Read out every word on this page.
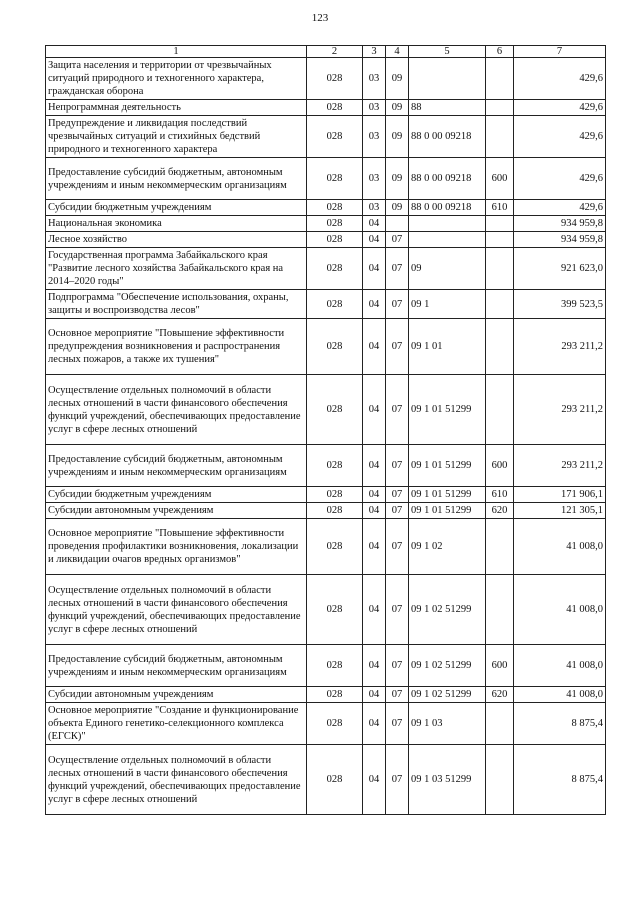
123
1	2	3	4	5	6	7
Защита населения и территории от чрезвычайных ситуаций природного и техногенного характера, гражданская оборона	028	03	09			429,6
Непрограммная деятельность	028	03	09	88		429,6
Предупреждение и ликвидация последствий чрезвычайных ситуаций и стихийных бедствий природного и техногенного характера	028	03	09	88 0 00 09218		429,6
Предоставление субсидий бюджетным, автономным учреждениям и иным некоммерческим организациям	028	03	09	88 0 00 09218	600	429,6
Субсидии бюджетным учреждениям	028	03	09	88 0 00 09218	610	429,6
Национальная экономика	028	04				934 959,8
Лесное хозяйство	028	04	07			934 959,8
Государственная программа Забайкальского края "Развитие лесного хозяйства Забайкальского края на 2014–2020 годы"	028	04	07	09		921 623,0
Подпрограмма "Обеспечение использования, охраны, защиты и воспроизводства лесов"	028	04	07	09 1		399 523,5
Основное мероприятие "Повышение эффективности предупреждения возникновения и распространения лесных пожаров, а также их тушения"	028	04	07	09 1 01		293 211,2
Осуществление отдельных полномочий в области лесных отношений в части финансового обеспечения функций учреждений, обеспечивающих предоставление услуг в сфере лесных отношений	028	04	07	09 1 01 51299		293 211,2
Предоставление субсидий бюджетным, автономным учреждениям и иным некоммерческим организациям	028	04	07	09 1 01 51299	600	293 211,2
Субсидии бюджетным учреждениям	028	04	07	09 1 01 51299	610	171 906,1
Субсидии автономным учреждениям	028	04	07	09 1 01 51299	620	121 305,1
Основное мероприятие "Повышение эффективности проведения профилактики возникновения, локализации и ликвидации очагов вредных организмов"	028	04	07	09 1 02		41 008,0
Осуществление отдельных полномочий в области лесных отношений в части финансового обеспечения функций учреждений, обеспечивающих предоставление услуг в сфере лесных отношений	028	04	07	09 1 02 51299		41 008,0
Предоставление субсидий бюджетным, автономным учреждениям и иным некоммерческим организациям	028	04	07	09 1 02 51299	600	41 008,0
Субсидии автономным учреждениям	028	04	07	09 1 02 51299	620	41 008,0
Основное мероприятие "Создание и функционирование объекта Единого генетико-селекционного комплекса (ЕГСК)"	028	04	07	09 1 03		8 875,4
Осуществление отдельных полномочий в области лесных отношений в части финансового обеспечения функций учреждений, обеспечивающих предоставление услуг в сфере лесных отношений	028	04	07	09 1 03 51299		8 875,4
